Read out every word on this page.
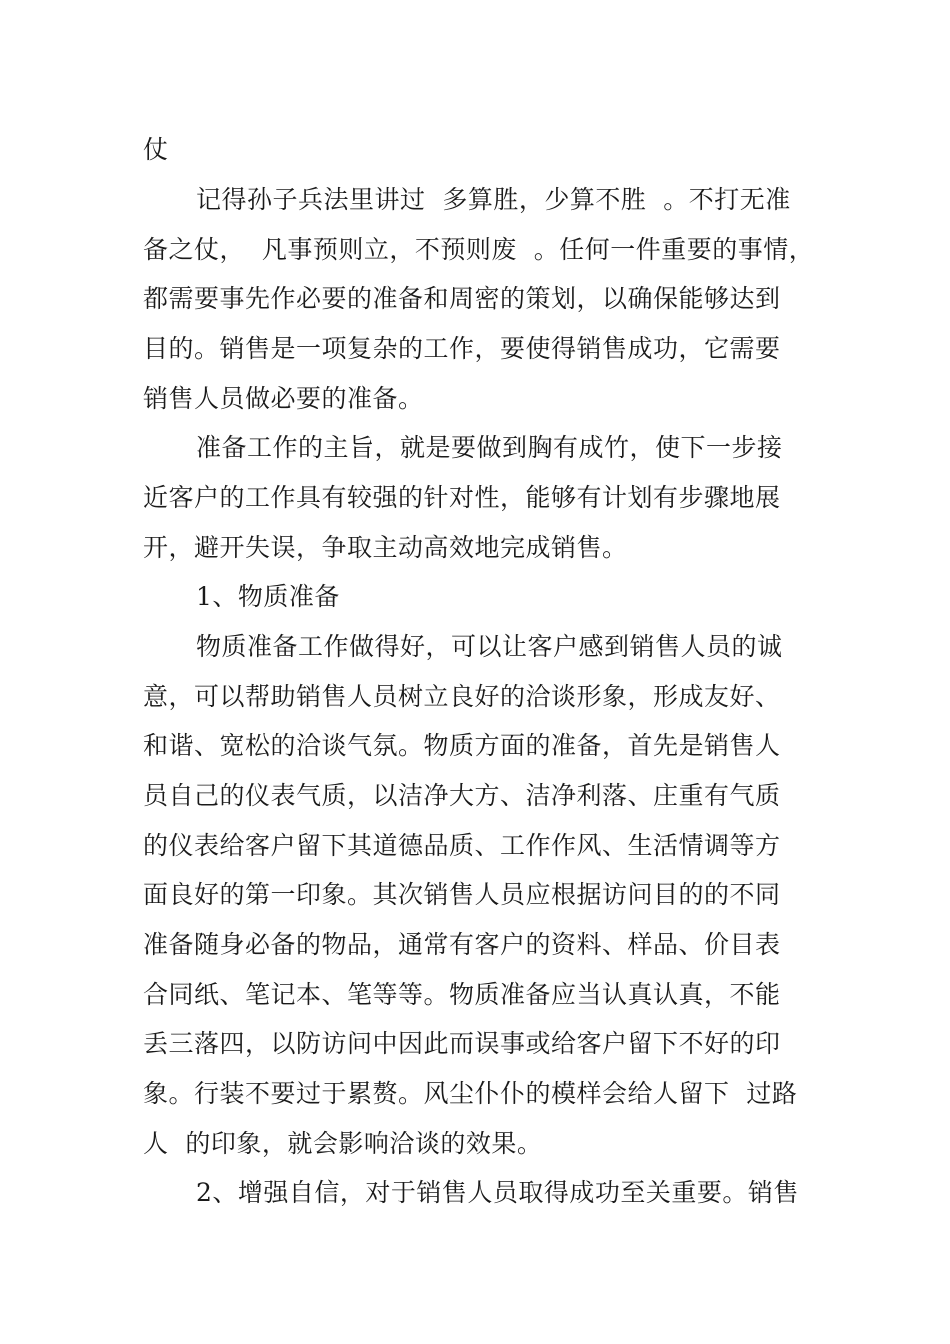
仗
记得孙子兵法里讲过  多算胜，少算不胜  。不打无准
备之仗，  凡事预则立，不预则废  。任何一件重要的事情，
都需要事先作必要的准备和周密的策划，以确保能够达到
目的。销售是一项复杂的工作，要使得销售成功，它需要
销售人员做必要的准备。
准备工作的主旨，就是要做到胸有成竹，使下一步接
近客户的工作具有较强的针对性，能够有计划有步骤地展
开，避开失误，争取主动高效地完成销售。
1、物质准备
物质准备工作做得好，可以让客户感到销售人员的诚
意，可以帮助销售人员树立良好的洽谈形象，形成友好、
和谐、宽松的洽谈气氛。物质方面的准备，首先是销售人
员自己的仪表气质，以洁净大方、洁净利落、庄重有气质
的仪表给客户留下其道德品质、工作作风、生活情调等方
面良好的第一印象。其次销售人员应根据访问目的的不同
准备随身必备的物品，通常有客户的资料、样品、价目表
合同纸、笔记本、笔等等。物质准备应当认真认真，不能
丢三落四，以防访问中因此而误事或给客户留下不好的印
象。行装不要过于累赘。风尘仆仆的模样会给人留下  过路
人  的印象，就会影响洽谈的效果。
2、增强自信，对于销售人员取得成功至关重要。销售
